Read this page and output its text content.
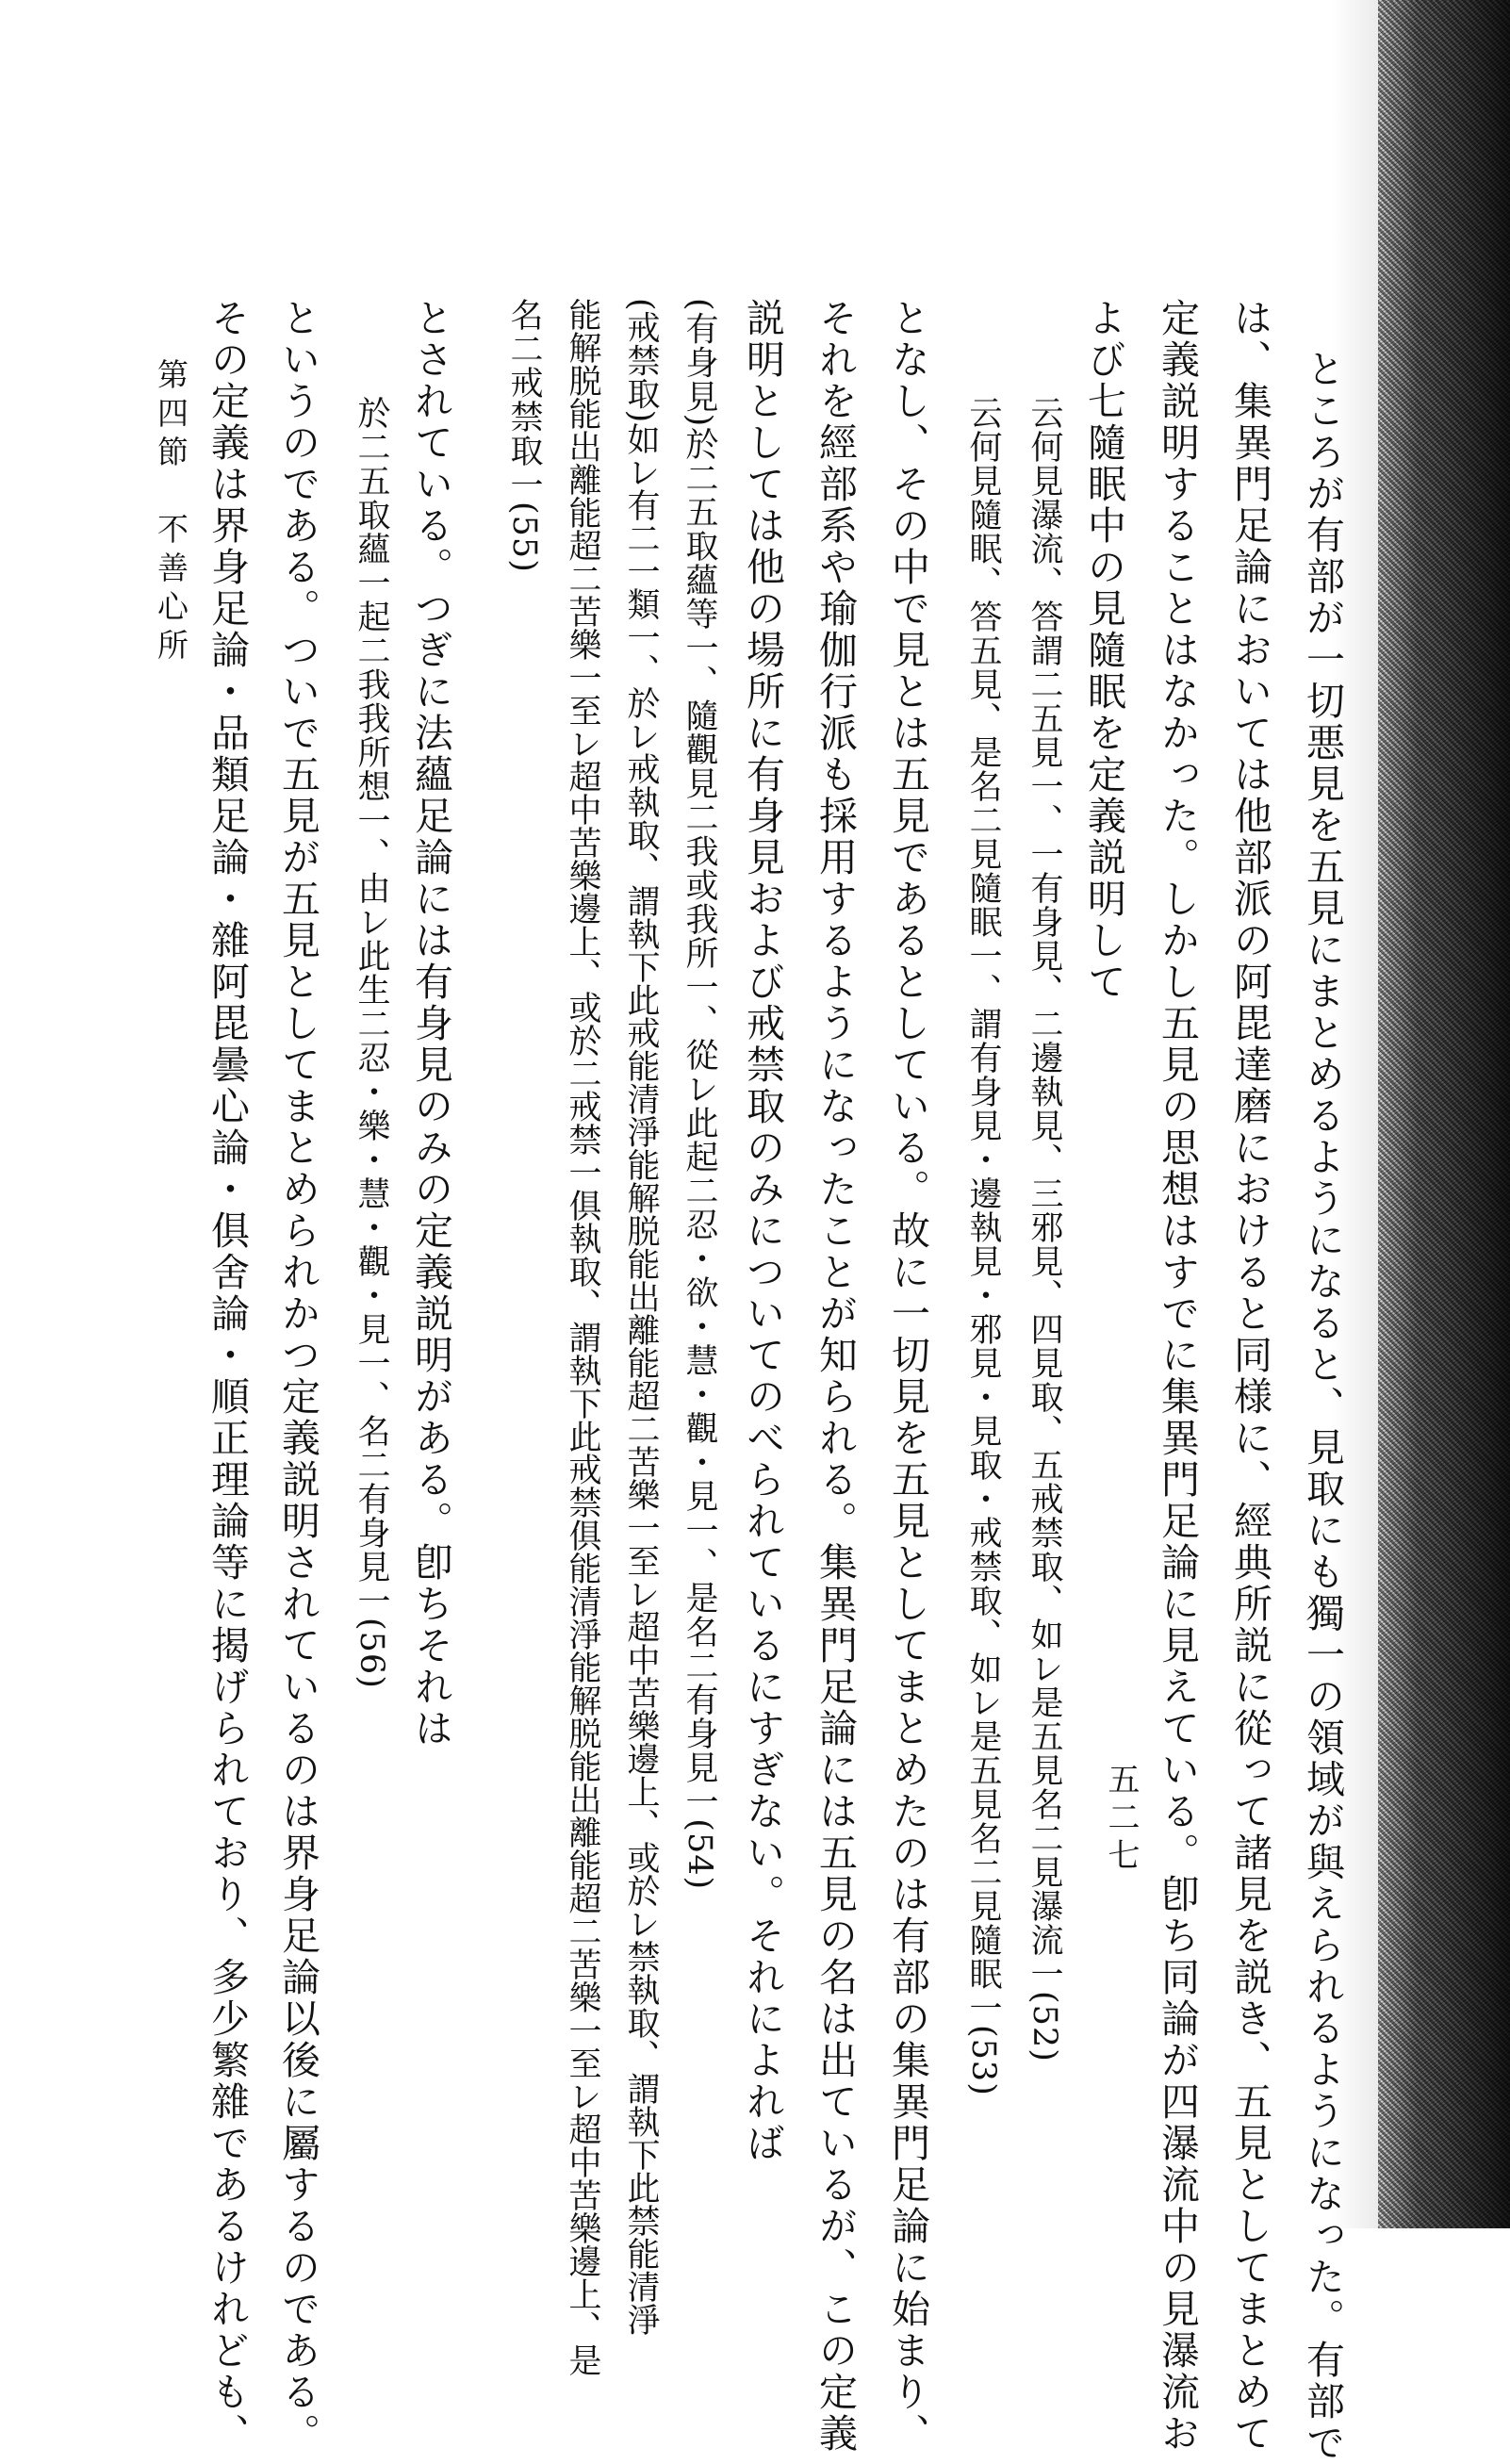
ところが有部が一切悪見を五見にまとめるようになると、見取にも獨一の領域が與えられるようになった。有部で

は、集異門足論においては他部派の阿毘達磨におけると同様に、經典所説に從って諸見を説き、五見としてまとめて

定義説明することはなかった。しかし五見の思想はすでに集異門足論に見えている。卽ち同論が四瀑流中の見瀑流お

よび七隨眠中の見隨眠を定義説明して

云何見瀑流、答謂二五見一、一有身見、二邊執見、三邪見、四見取、五戒禁取、如レ是五見名二見瀑流一(52)

云何見隨眠、答五見、是名二見隨眠一、謂有身見・邊執見・邪見・見取・戒禁取、如レ是五見名二見隨眠一(53)

となし、その中で見とは五見であるとしている。故に一切見を五見としてまとめたのは有部の集異門足論に始まり、

それを經部系や瑜伽行派も採用するようになったことが知られる。集異門足論には五見の名は出ているが、この定義

説明としては他の場所に有身見および戒禁取のみについてのべられているにすぎない。それによれば

(有身見)於二五取蘊等一、隨觀見二我或我所一、從レ此起二忍・欲・慧・觀・見一、是名二有身見一(54)

(戒禁取)如レ有二一類一、於レ戒執取、謂執下此戒能清淨能解脱能出離能超二苦樂一至レ超中苦樂邊上、或於レ禁執取、謂執下此禁能清淨

能解脱能出離能超二苦樂一至レ超中苦樂邊上、或於二戒禁一俱執取、謂執下此戒禁俱能清淨能解脱能出離能超二苦樂一至レ超中苦樂邊上、是

名二戒禁取一(55)

とされている。つぎに法蘊足論には有身見のみの定義説明がある。卽ちそれは

於二五取蘊一起二我我所想一、由レ此生二忍・樂・慧・觀・見一、名二有身見一(56)

というのである。ついで五見が五見としてまとめられかつ定義説明されているのは界身足論以後に屬するのである。

その定義は界身足論・品類足論・雜阿毘曇心論・俱舍論・順正理論等に揭げられており、多少繁雜であるけれども、

第四節　不善心所

五二七
